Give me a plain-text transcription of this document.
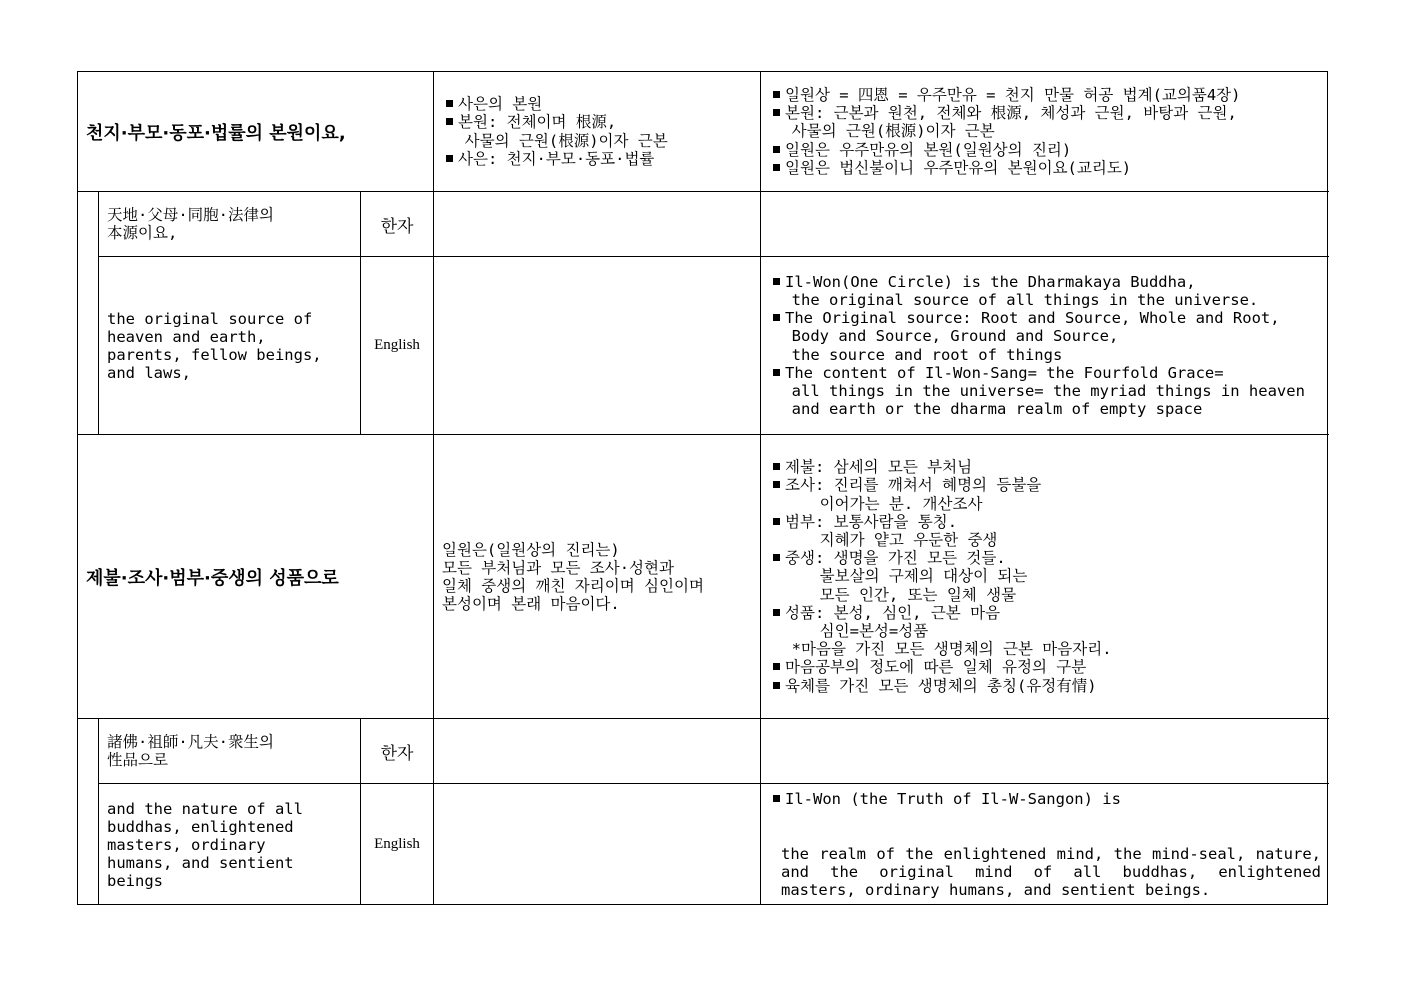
천지·부모·동포·법률의 본원이요,
사은의 본원
본원: 전체이며 根源,
사물의 근원(根源)이자 근본
사은: 천지·부모·동포·법률
일원상 = 四恩 = 우주만유 = 천지 만물 허공 법계(교의품4장)
본원: 근본과 원천, 전체와 根源, 체성과 근원, 바탕과 근원,
사물의 근원(根源)이자 근본
일원은 우주만유의 본원(일원상의 진리)
일원은 법신불이니 우주만유의 본원이요(교리도)
天地·父母·同胞·法律의
本源이요,	한자
the original source of
heaven and earth,
parents, fellow beings,
and laws,
English
Il-Won(One Circle) is the Dharmakaya Buddha,
the original source of all things in the universe.
The Original source: Root and Source, Whole and Root,
Body and Source, Ground and Source,
the source and root of things
The content of Il-Won-Sang= the Fourfold Grace=
all things in the universe= the myriad things in heaven
and earth or the dharma realm of empty space
제불·조사·범부·중생의 성품으로
일원은(일원상의 진리는)
모든 부처님과 모든 조사·성현과
일체 중생의 깨친 자리이며 심인이며
본성이며 본래 마음이다.
제불: 삼세의 모든 부처님
조사: 진리를 깨쳐서 혜명의 등불을
이어가는 분. 개산조사
범부: 보통사람을 통칭.
지혜가 얕고 우둔한 중생
중생: 생명을 가진 모든 것들.
불보살의 구제의 대상이 되는
모든 인간, 또는 일체 생물
성품: 본성, 심인, 근본 마음
심인=본성=성품
*마음을 가진 모든 생명체의 근본 마음자리.
마음공부의 정도에 따른 일체 유정의 구분
육체를 가진 모든 생명체의 총칭(유정有情)
諸佛·祖師·凡夫·衆生의
性品으로	한자
and the nature of all
buddhas, enlightened
masters, ordinary
humans, and sentient
beings
English

Il-Won (the Truth of Il-W-Sangon) is

the realm of the enlightened mind, the mind-seal, nature, and the original mind of all buddhas, enlightened masters, ordinary humans, and sentient beings.
